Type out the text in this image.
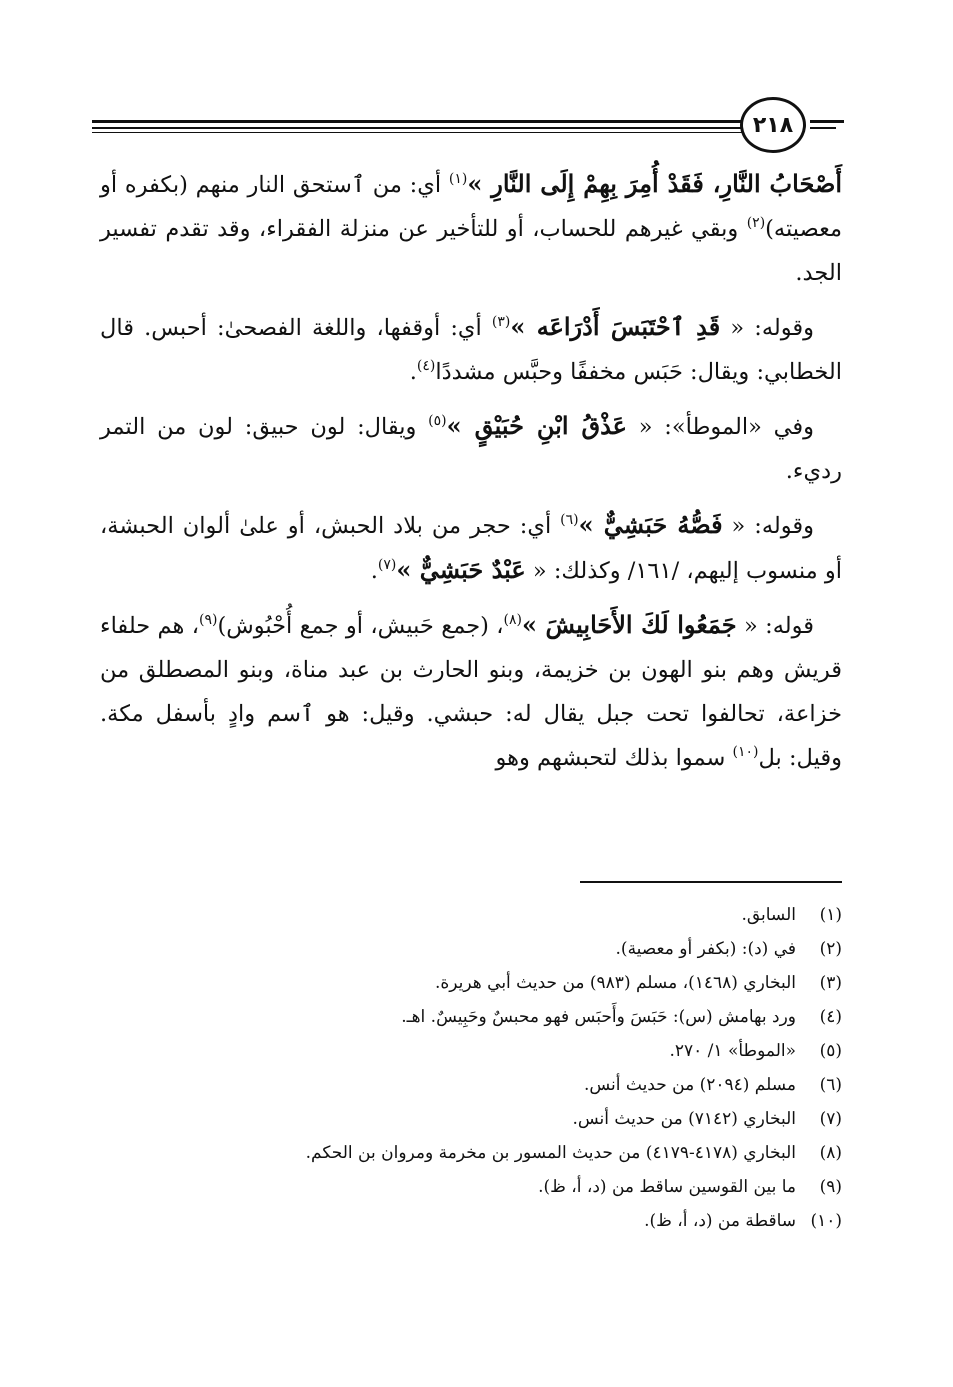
٢١٨

أَصْحَابُ النَّارِ، فَقَدْ أُمِرَ بِهِمْ إِلَى النَّارِ »$^{(١)}$ أي: من ٱستحق النار منهم (بكفره أو معصيته)$^{(٢)}$ وبقي غيرهم للحساب، أو للتأخير عن منزلة الفقراء، وقد تقدم تفسير الجد.

وقوله: « قَدِ ٱحْتَبَسَ أَدْرَاعَه »$^{(٣)}$ أي: أوقفها، واللغة الفصحىٰ: أحبس. قال الخطابي: ويقال: حَبَس مخففًا وحبَّس مشددًا$^{(٤)}$.

وفي «الموطأ»: « عَذْقُ ابْنِ حُبَيْقٍ »$^{(٥)}$ ويقال: لون حبيق: لون من التمر رديء.

وقوله: « فَصُّهُ حَبَشِيٌّ »$^{(٦)}$ أي: حجر من بلاد الحبش، أو علىٰ ألوان الحبشة، أو منسوب إليهم، /١٦١/ وكذلك: « عَبْدٌ حَبَشِيٌّ »$^{(٧)}$.

قوله: « جَمَعُوا لَكَ الأَحَابِيشَ »$^{(٨)}$، (جمع حَبيش، أو جمع أُحْبُوش)$^{(٩)}$، هم حلفاء قريش وهم بنو الهون بن خزيمة، وبنو الحارث بن عبد مناة، وبنو المصطلق من خزاعة، تحالفوا تحت جبل يقال له: حبشي. وقيل: هو ٱسم وادٍ بأسفل مكة. وقيل: بل$^{(١٠)}$ سموا بذلك لتحبشهم وهو

(١)
السابق.
(٢)
في (د): (بكفر أو معصية).
(٣)
البخاري (١٤٦٨)، مسلم (٩٨٣) من حديث أبي هريرة.
(٤)
ورد بهامش (س): حَبَسَ وأَحبَس فهو محبسٌ وحَبِيسٌ. اهـ.
(٥)
«الموطأ» ١/ ٢٧٠.
(٦)
مسلم (٢٠٩٤) من حديث أنس.
(٧)
البخاري (٧١٤٢) من حديث أنس.
(٨)
البخاري (٤١٧٨-٤١٧٩) من حديث المسور بن مخرمة ومروان بن الحكم.
(٩)
ما بين القوسين ساقط من (د، أ، ظ).
(١٠)
ساقطة من (د، أ، ظ).
